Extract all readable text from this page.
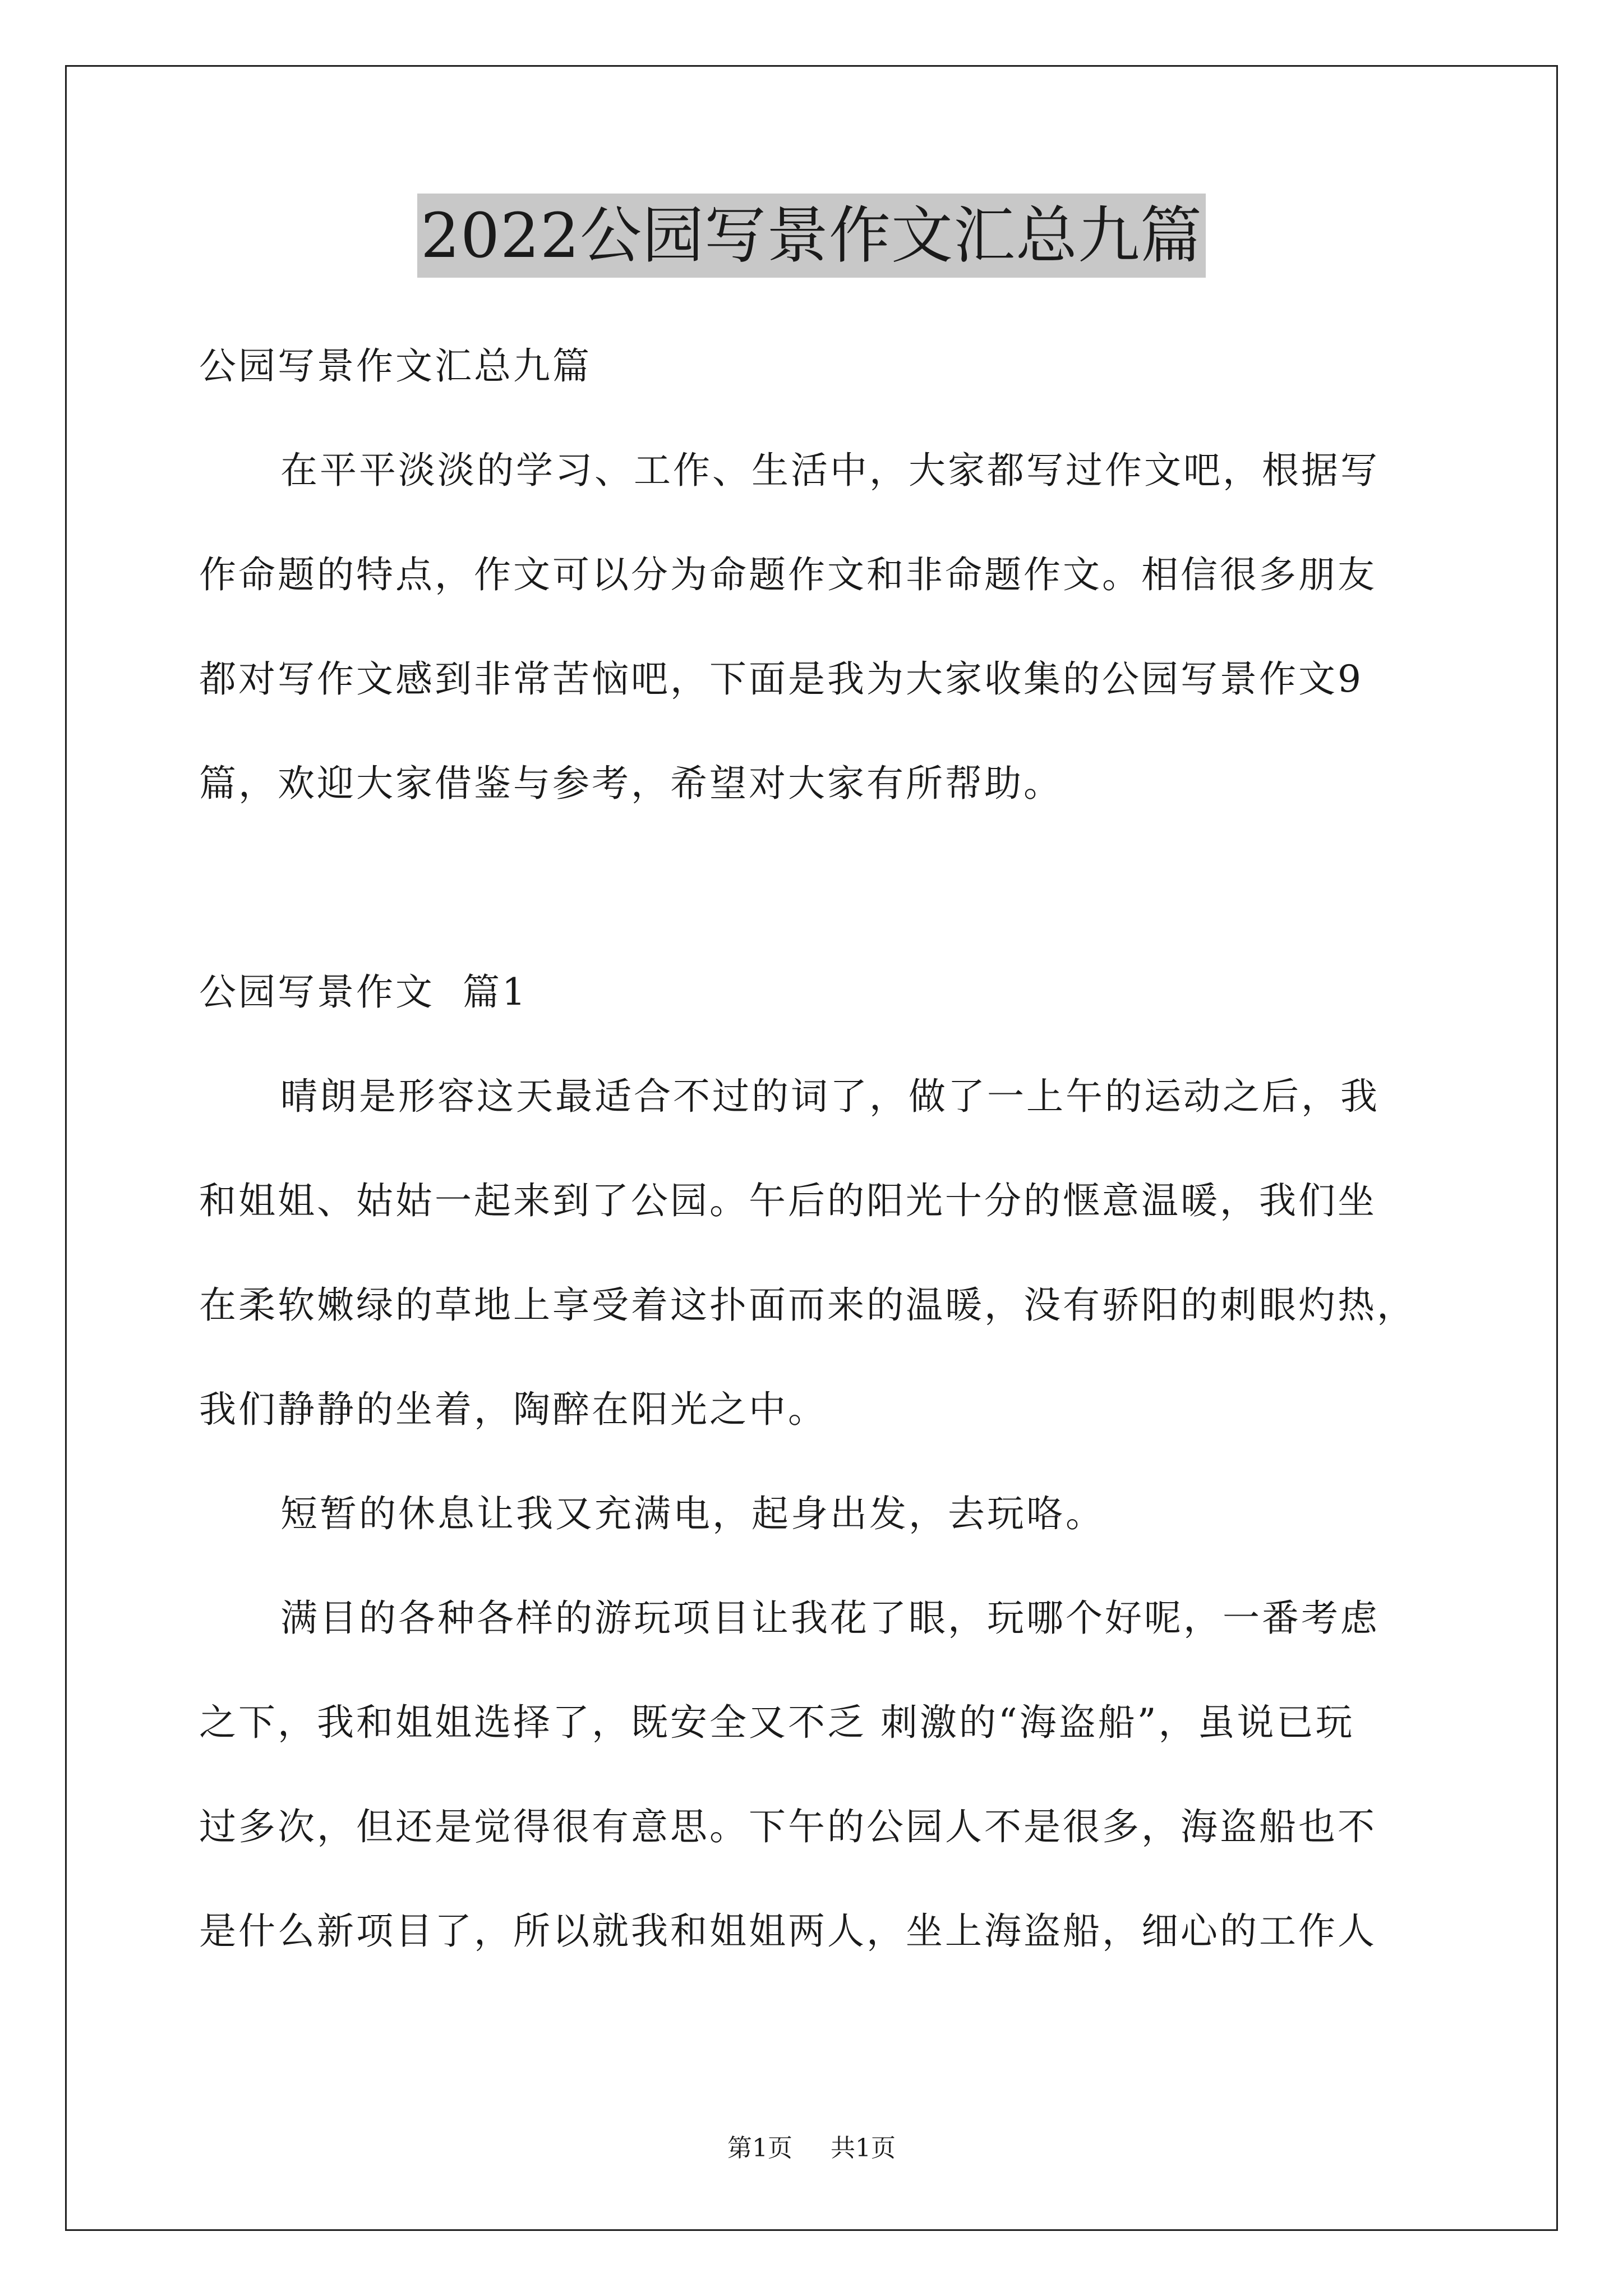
2022公园写景作文汇总九篇
公园写景作文汇总九篇
在平平淡淡的学习、工作、生活中，大家都写过作文吧，根据写
作命题的特点，作文可以分为命题作文和非命题作文。相信很多朋友
都对写作文感到非常苦恼吧，下面是我为大家收集的公园写景作文9
篇，欢迎大家借鉴与参考，希望对大家有所帮助。
公园写景作文  篇1
晴朗是形容这天最适合不过的词了，做了一上午的运动之后，我
和姐姐、姑姑一起来到了公园。午后的阳光十分的惬意温暖，我们坐
在柔软嫩绿的草地上享受着这扑面而来的温暖，没有骄阳的刺眼灼热，
我们静静的坐着，陶醉在阳光之中。
短暂的休息让我又充满电，起身出发，去玩咯。
满目的各种各样的游玩项目让我花了眼，玩哪个好呢，一番考虑
之下，我和姐姐选择了，既安全又不乏 刺激的“海盗船”，虽说已玩
过多次，但还是觉得很有意思。下午的公园人不是很多，海盗船也不
是什么新项目了，所以就我和姐姐两人，坐上海盗船，细心的工作人
第1页  共1页
